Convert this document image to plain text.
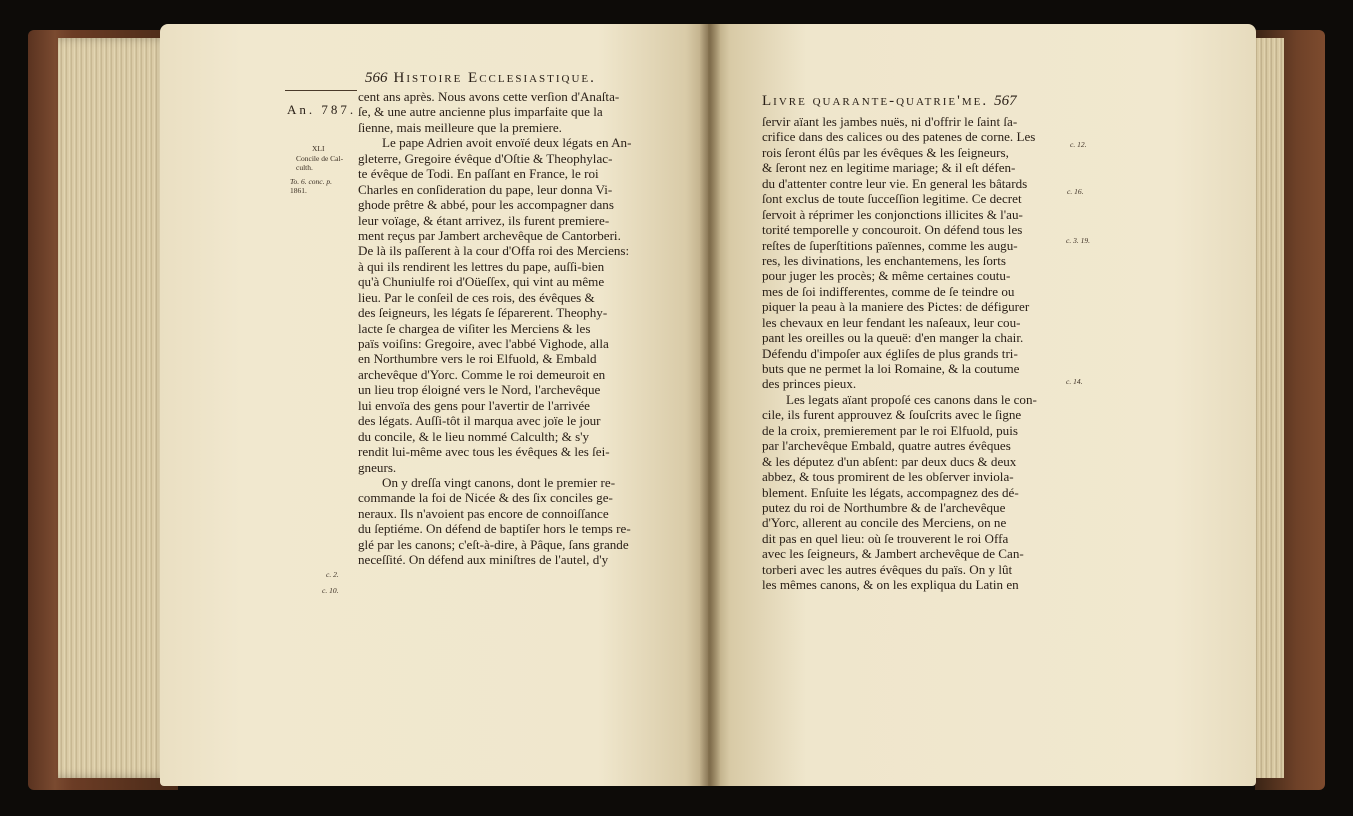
566 Histoire Ecclesiastique.
An. 787.
XLI
Concile de Cal-
culth.
To. 6. conc. p.
1861.
c. 2.
c. 10.
cent ans après. Nous avons cette verſion d'Anaſta-
ſe, & une autre ancienne plus imparfaite que la
ſienne, mais meilleure que la premiere.
Le pape Adrien avoit envoïé deux légats en An-
gleterre, Gregoire évêque d'Oſtie & Theophylac-
te évêque de Todi. En paſſant en France, le roi
Charles en conſideration du pape, leur donna Vi-
ghode prêtre & abbé, pour les accompagner dans
leur voïage, & étant arrivez, ils furent premiere-
ment reçus par Jambert archevêque de Cantorberi.
De là ils paſſerent à la cour d'Offa roi des Merciens:
à qui ils rendirent les lettres du pape, auſſi-bien
qu'à Chuniulfe roi d'Oüeſſex, qui vint au même
lieu. Par le conſeil de ces rois, des évêques &
des ſeigneurs, les légats ſe ſéparerent. Theophy-
lacte ſe chargea de viſiter les Merciens & les
païs voiſins: Gregoire, avec l'abbé Vighode, alla
en Northumbre vers le roi Elfuold, & Embald
archevêque d'Yorc. Comme le roi demeuroit en
un lieu trop éloigné vers le Nord, l'archevêque
lui envoïa des gens pour l'avertir de l'arrivée
des légats. Auſſi-tôt il marqua avec joïe le jour
du concile, & le lieu nommé Calculth; & s'y
rendit lui-même avec tous les évêques & les ſei-
gneurs.
On y dreſſa vingt canons, dont le premier re-
commande la foi de Nicée & des ſix conciles ge-
neraux. Ils n'avoient pas encore de connoiſſance
du ſeptiéme. On défend de baptiſer hors le temps re-
glé par les canons; c'eſt-à-dire, à Pâque, ſans grande
neceſſité. On défend aux miniſtres de l'autel, d'y
Livre quarante-quatrie'me. 567
c. 12.
c. 16.
c. 3. 19.
c. 14.
ſervir aïant les jambes nuës, ni d'offrir le ſaint ſa-
crifice dans des calices ou des patenes de corne. Les
rois ſeront élûs par les évêques & les ſeigneurs,
& ſeront nez en legitime mariage; & il eſt défen-
du d'attenter contre leur vie. En general les bâtards
ſont exclus de toute ſucceſſion legitime. Ce decret
ſervoit à réprimer les conjonctions illicites & l'au-
torité temporelle y concouroit. On défend tous les
reſtes de ſuperſtitions païennes, comme les augu-
res, les divinations, les enchantemens, les ſorts
pour juger les procès; & même certaines coutu-
mes de ſoi indifferentes, comme de ſe teindre ou
piquer la peau à la maniere des Pictes: de défigurer
les chevaux en leur fendant les naſeaux, leur cou-
pant les oreilles ou la queuë: d'en manger la chair.
Défendu d'impoſer aux égliſes de plus grands tri-
buts que ne permet la loi Romaine, & la coutume
des princes pieux.
Les legats aïant propoſé ces canons dans le con-
cile, ils furent approuvez & ſouſcrits avec le ſigne
de la croix, premierement par le roi Elfuold, puis
par l'archevêque Embald, quatre autres évêques
& les députez d'un abſent: par deux ducs & deux
abbez, & tous promirent de les obſerver inviola-
blement. Enſuite les légats, accompagnez des dé-
putez du roi de Northumbre & de l'archevêque
d'Yorc, allerent au concile des Merciens, on ne
dit pas en quel lieu: où ſe trouverent le roi Offa
avec les ſeigneurs, & Jambert archevêque de Can-
torberi avec les autres évêques du païs. On y lût
les mêmes canons, & on les expliqua du Latin en
